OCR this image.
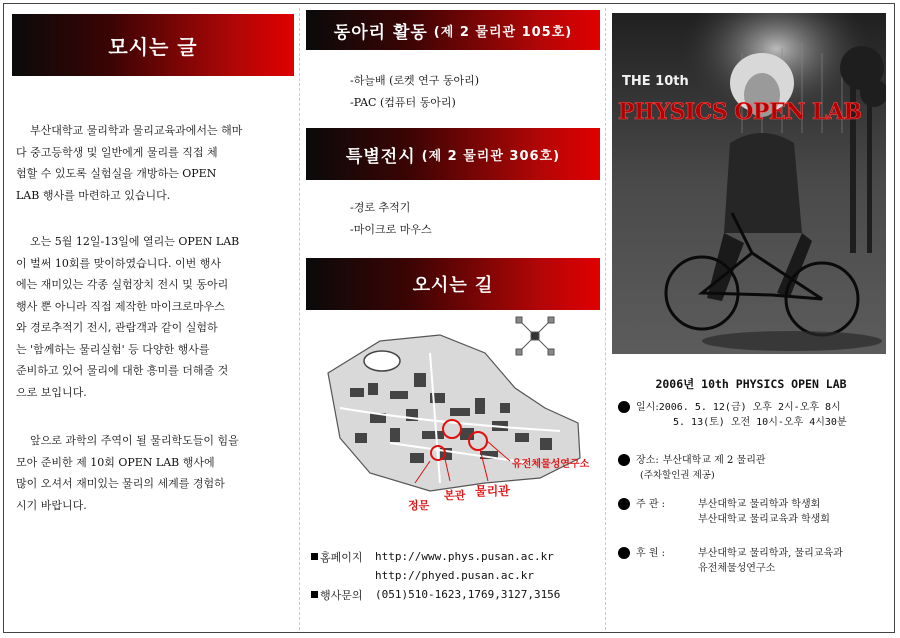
모시는 글
부산대학교 물리학과 물리교육과에서는 해마
다 중고등학생 및 일반에게 물리를 직접 체
험할 수 있도록 실험실을 개방하는 OPEN
LAB 행사를 마련하고 있습니다.
오는 5월 12일-13일에 열리는 OPEN LAB
이 벌써 10회를 맞이하였습니다. 이번 행사
에는 재미있는 각종 실험장치 전시 및 동아리
행사 뿐 아니라 직접 제작한 마이크로마우스
와 경로추적기 전시, 관람객과 같이 실험하
는 '함께하는 물리실험' 등 다양한 행사를
준비하고 있어 물리에 대한 흥미를 더해줄 것
으로 보입니다.
앞으로 과학의 주역이 될 물리학도들이 힘을
모아 준비한 제 10회 OPEN LAB 행사에
많이 오셔서 재미있는 물리의 세계를 경험하
시기 바랍니다.
동아리 활동 (제 2 물리관 105호)
-하늘배 (로켓 연구 동아리)
-PAC (컴퓨터 동아리)
특별전시 (제 2 물리관 306호)
-경로 추적기
-마이크로 마우스
오시는 길
유전체물성연구소
물리관
본관
정문
홈페이지	http://www.phys.pusan.ac.kr
http://phyed.pusan.ac.kr
행사문의	(051)510-1623,1769,3127,3156
THE 10th
PHYSICS OPEN LAB
2006년 10th PHYSICS OPEN LAB
일시: 2006. 5. 12(금) 오후 2시-오후 8시
5. 13(토) 오전 10시-오후 4시30분
장소: 부산대학교 제 2 물리관
(주차할인권 제공)
주 관 :	부산대학교 물리학과 학생회
부산대학교 물리교육과 학생회
후 원 :	부산대학교 물리학과, 물리교육과
유전체물성연구소
